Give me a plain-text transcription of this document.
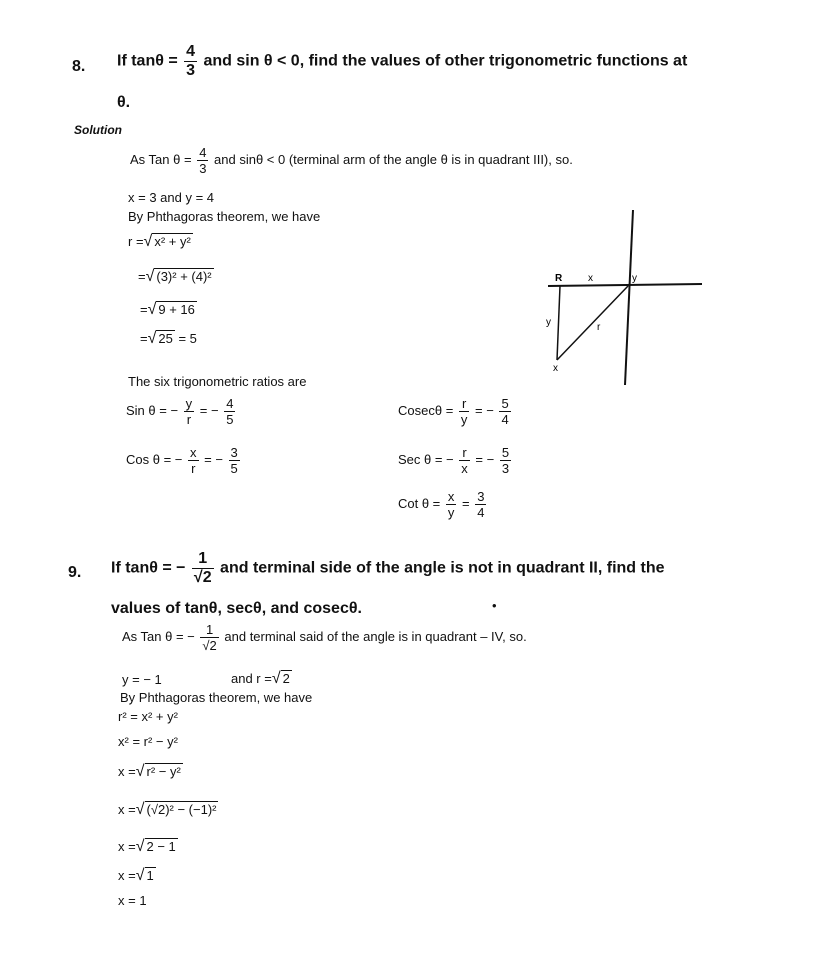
8. If $\tan\theta = \frac{4}{3}$ and sin θ < 0, find the values of other trigonometric functions at
θ.
Solution
As Tan $\theta = \frac{4}{3}$ and sinθ < 0 (terminal arm of the angle θ is in quadrant III), so.
x = 3 and y = 4
By Phthagoras theorem, we have
r =√ x² + y²
=√ (3)² + (4)²
=√ 9 + 16
=√ 25 = 5
The six trigonometric ratios are
Sin θ = − $\frac{y}{r}$ = − $\frac{4}{5}$
Cos θ = − $\frac{x}{r}$ = − $\frac{3}{5}$
$Cosec\theta = \frac{r}{y}$ = − $\frac{5}{4}$
Sec θ = − $\frac{r}{x}$ = − $\frac{5}{3}$
Cot $\theta = \frac{x}{y} = \frac{3}{4}$
R	x	y
y	r
x
9. If tanθ = − $\frac{1}{√2}$ and terminal side of the angle is not in quadrant II, find the
values of tanθ, secθ, and cosecθ.	•
As Tan θ = − $\frac{1}{√2}$ and terminal said of the angle is in quadrant – IV, so.
y = − 1	and r =√ 2
By Phthagoras theorem, we have
r² = x² + y²
x² = r² − y²
x =√ r² − y²
x =√ (√2)² − (−1)²
x =√ 2 − 1
x =√ 1
x = 1
